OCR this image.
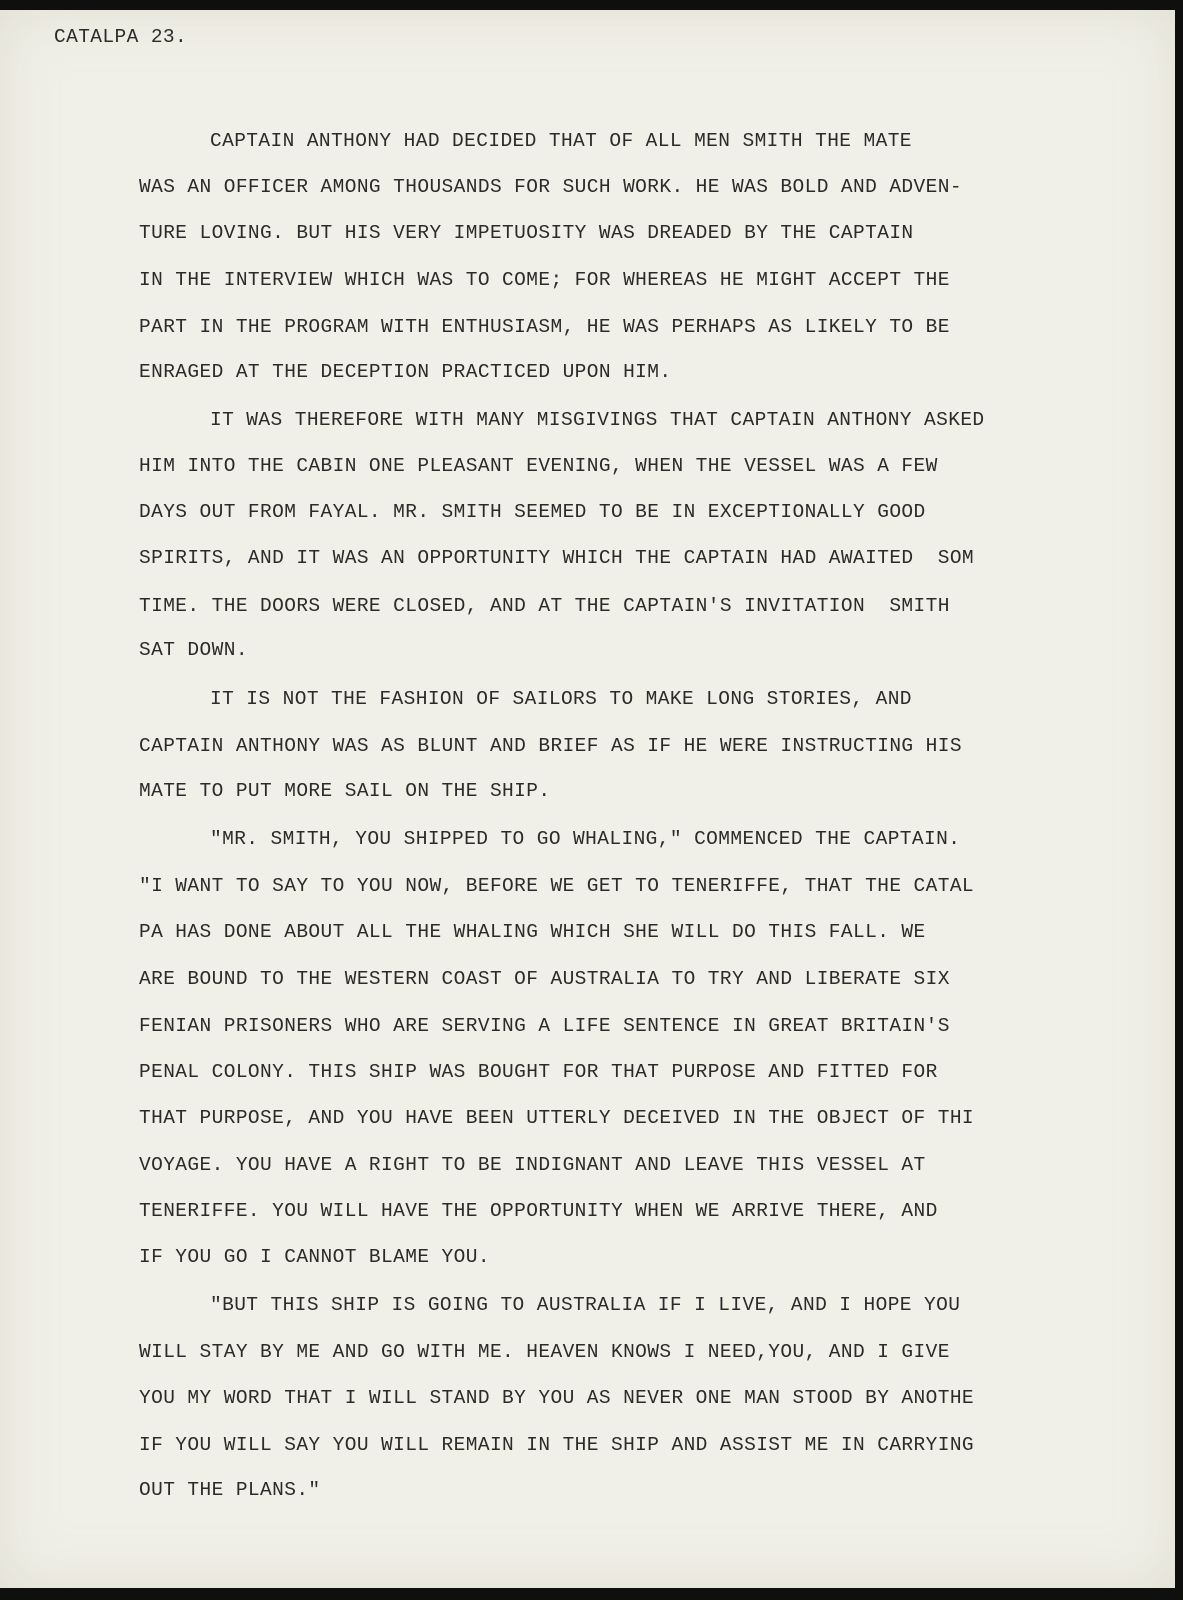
CATALPA 23.
CAPTAIN ANTHONY HAD DECIDED THAT OF ALL MEN SMITH THE MATE
WAS AN OFFICER AMONG THOUSANDS FOR SUCH WORK. HE WAS BOLD AND ADVEN-
TURE LOVING. BUT HIS VERY IMPETUOSITY WAS DREADED BY THE CAPTAIN
IN THE INTERVIEW WHICH WAS TO COME; FOR WHEREAS HE MIGHT ACCEPT THE
PART IN THE PROGRAM WITH ENTHUSIASM, HE WAS PERHAPS AS LIKELY TO BE
ENRAGED AT THE DECEPTION PRACTICED UPON HIM.
IT WAS THEREFORE WITH MANY MISGIVINGS THAT CAPTAIN ANTHONY ASKED
HIM INTO THE CABIN ONE PLEASANT EVENING, WHEN THE VESSEL WAS A FEW
DAYS OUT FROM FAYAL. MR. SMITH SEEMED TO BE IN EXCEPTIONALLY GOOD
SPIRITS, AND IT WAS AN OPPORTUNITY WHICH THE CAPTAIN HAD AWAITED  SOM
TIME. THE DOORS WERE CLOSED, AND AT THE CAPTAIN'S INVITATION  SMITH
SAT DOWN.
IT IS NOT THE FASHION OF SAILORS TO MAKE LONG STORIES, AND
CAPTAIN ANTHONY WAS AS BLUNT AND BRIEF AS IF HE WERE INSTRUCTING HIS
MATE TO PUT MORE SAIL ON THE SHIP.
"MR. SMITH, YOU SHIPPED TO GO WHALING," COMMENCED THE CAPTAIN.
"I WANT TO SAY TO YOU NOW, BEFORE WE GET TO TENERIFFE, THAT THE CATAL
PA HAS DONE ABOUT ALL THE WHALING WHICH SHE WILL DO THIS FALL. WE
ARE BOUND TO THE WESTERN COAST OF AUSTRALIA TO TRY AND LIBERATE SIX
FENIAN PRISONERS WHO ARE SERVING A LIFE SENTENCE IN GREAT BRITAIN'S
PENAL COLONY. THIS SHIP WAS BOUGHT FOR THAT PURPOSE AND FITTED FOR
THAT PURPOSE, AND YOU HAVE BEEN UTTERLY DECEIVED IN THE OBJECT OF THI
VOYAGE. YOU HAVE A RIGHT TO BE INDIGNANT AND LEAVE THIS VESSEL AT
TENERIFFE. YOU WILL HAVE THE OPPORTUNITY WHEN WE ARRIVE THERE, AND
IF YOU GO I CANNOT BLAME YOU.
"BUT THIS SHIP IS GOING TO AUSTRALIA IF I LIVE, AND I HOPE YOU
WILL STAY BY ME AND GO WITH ME. HEAVEN KNOWS I NEED,YOU, AND I GIVE
YOU MY WORD THAT I WILL STAND BY YOU AS NEVER ONE MAN STOOD BY ANOTHE
IF YOU WILL SAY YOU WILL REMAIN IN THE SHIP AND ASSIST ME IN CARRYING
OUT THE PLANS."
